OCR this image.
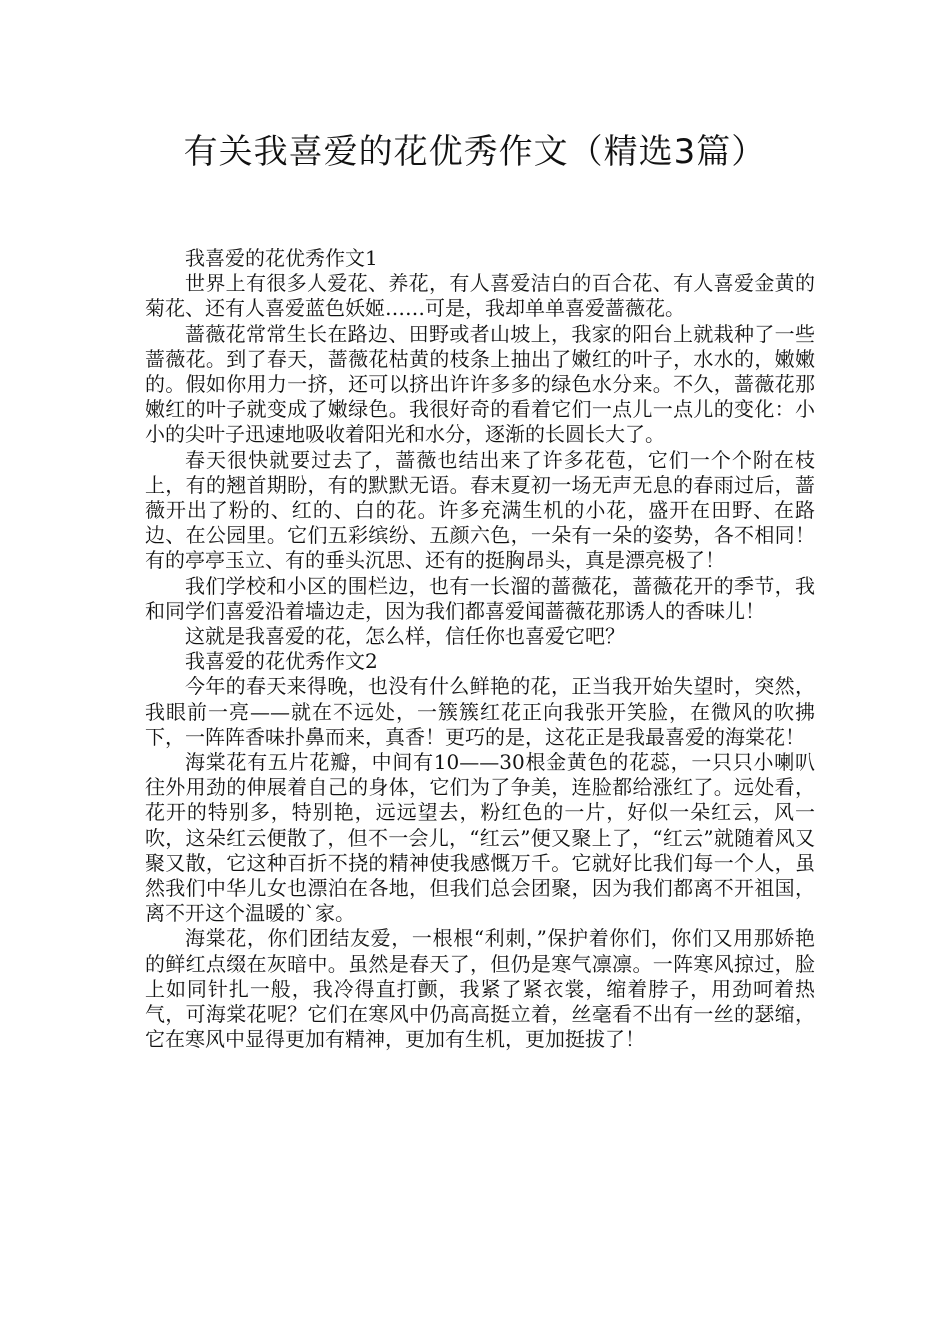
有关我喜爱的花优秀作文（精选3篇）

我喜爱的花优秀作文1

世界上有很多人爱花、养花，有人喜爱洁白的百合花、有人喜爱金黄的菊花、还有人喜爱蓝色妖姬……可是，我却单单喜爱蔷薇花。

蔷薇花常常生长在路边、田野或者山坡上，我家的阳台上就栽种了一些蔷薇花。到了春天，蔷薇花枯黄的枝条上抽出了嫩红的叶子，水水的，嫩嫩的。假如你用力一挤，还可以挤出许许多多的绿色水分来。不久，蔷薇花那嫩红的叶子就变成了嫩绿色。我很好奇的看着它们一点儿一点儿的变化：小小的尖叶子迅速地吸收着阳光和水分，逐渐的长圆长大了。

春天很快就要过去了，蔷薇也结出来了许多花苞，它们一个个附在枝上，有的翘首期盼，有的默默无语。春末夏初一场无声无息的春雨过后，蔷薇开出了粉的、红的、白的花。许多充满生机的小花，盛开在田野、在路边、在公园里。它们五彩缤纷、五颜六色，一朵有一朵的姿势，各不相同！有的亭亭玉立、有的垂头沉思、还有的挺胸昂头，真是漂亮极了！

我们学校和小区的围栏边，也有一长溜的蔷薇花，蔷薇花开的季节，我和同学们喜爱沿着墙边走，因为我们都喜爱闻蔷薇花那诱人的香味儿！

这就是我喜爱的花，怎么样，信任你也喜爱它吧？

我喜爱的花优秀作文2

今年的春天来得晚，也没有什么鲜艳的花，正当我开始失望时，突然，我眼前一亮——就在不远处，一簇簇红花正向我张开笑脸，在微风的吹拂下，一阵阵香味扑鼻而来，真香！更巧的是，这花正是我最喜爱的海棠花！

海棠花有五片花瓣，中间有10——30根金黄色的花蕊，一只只小喇叭往外用劲的伸展着自己的身体，它们为了争美，连脸都给涨红了。远处看，花开的特别多，特别艳，远远望去，粉红色的一片，好似一朵红云，风一吹，这朵红云便散了，但不一会儿，“红云”便又聚上了，“红云”就随着风又聚又散，它这种百折不挠的精神使我感慨万千。它就好比我们每一个人，虽然我们中华儿女也漂泊在各地，但我们总会团聚，因为我们都离不开祖国，离不开这个温暖的`家。

海棠花，你们团结友爱，一根根“利刺，”保护着你们，你们又用那娇艳的鲜红点缀在灰暗中。虽然是春天了，但仍是寒气凛凛。一阵寒风掠过，脸上如同针扎一般，我冷得直打颤，我紧了紧衣裳，缩着脖子，用劲呵着热气，可海棠花呢？它们在寒风中仍高高挺立着，丝毫看不出有一丝的瑟缩，它在寒风中显得更加有精神，更加有生机，更加挺拔了！
